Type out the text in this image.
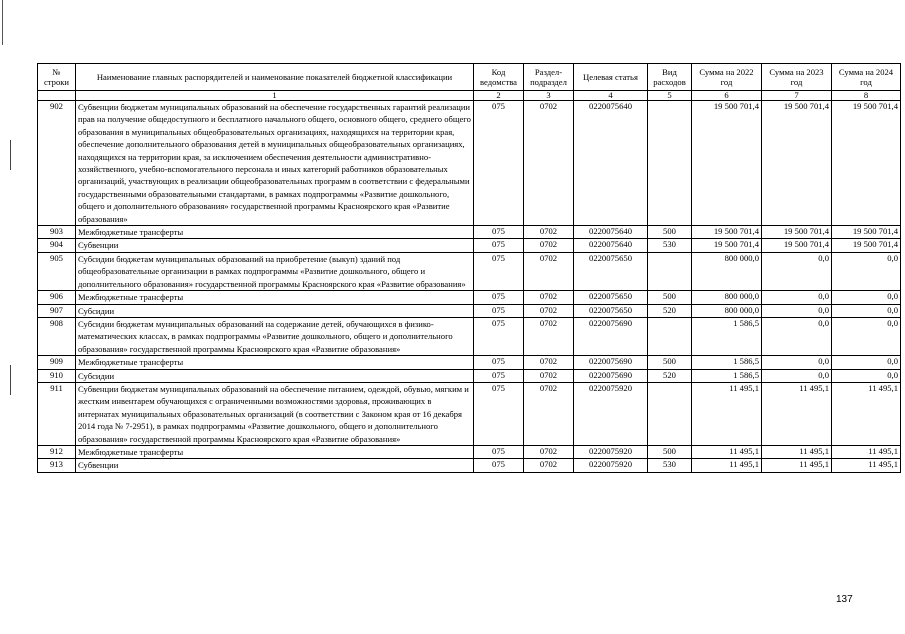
№ строки	Наименование главных распорядителей и наименование показателей бюджетной классификации	Код ведомства	Раздел-подраздел	Целевая статья	Вид расходов	Сумма на 2022 год	Сумма на 2023 год	Сумма на 2024 год
	1	2	3	4	5	6	7	8
902	Субвенции бюджетам муниципальных образований на обеспечение государственных гарантий реализации прав на получение общедоступного и бесплатного начального общего, основного общего, среднего общего образования в муниципальных общеобразовательных организациях, находящихся на территории края, обеспечение дополнительного образования детей в муниципальных общеобразовательных организациях, находящихся на территории края, за исключением обеспечения деятельности административно-хозяйственного, учебно-вспомогательного персонала и иных категорий работников образовательных организаций, участвующих в реализации общеобразовательных программ в соответствии с федеральными государственными образовательными стандартами, в рамках подпрограммы «Развитие дошкольного, общего и дополнительного образования» государственной программы Красноярского края «Развитие образования»	075	0702	0220075640		19 500 701,4	19 500 701,4	19 500 701,4
903	Межбюджетные трансферты	075	0702	0220075640	500	19 500 701,4	19 500 701,4	19 500 701,4
904	Субвенции	075	0702	0220075640	530	19 500 701,4	19 500 701,4	19 500 701,4
905	Субсидии бюджетам муниципальных образований на приобретение (выкуп) зданий под общеобразовательные организации в рамках подпрограммы «Развитие дошкольного, общего и дополнительного образования» государственной программы Красноярского края «Развитие образования»	075	0702	0220075650		800 000,0	0,0	0,0
906	Межбюджетные трансферты	075	0702	0220075650	500	800 000,0	0,0	0,0
907	Субсидии	075	0702	0220075650	520	800 000,0	0,0	0,0
908	Субсидии бюджетам муниципальных образований на содержание детей, обучающихся в физико-математических классах, в рамках подпрограммы «Развитие дошкольного, общего и дополнительного образования» государственной программы Красноярского края «Развитие образования»	075	0702	0220075690		1 586,5	0,0	0,0
909	Межбюджетные трансферты	075	0702	0220075690	500	1 586,5	0,0	0,0
910	Субсидии	075	0702	0220075690	520	1 586,5	0,0	0,0
911	Субвенции бюджетам муниципальных образований на обеспечение питанием, одеждой, обувью, мягким и жестким инвентарем обучающихся с ограниченными возможностями здоровья, проживающих в интернатах муниципальных образовательных организаций (в соответствии с Законом края от 16 декабря 2014 года № 7-2951), в рамках подпрограммы «Развитие дошкольного, общего и дополнительного образования» государственной программы Красноярского края «Развитие образования»	075	0702	0220075920		11 495,1	11 495,1	11 495,1
912	Межбюджетные трансферты	075	0702	0220075920	500	11 495,1	11 495,1	11 495,1
913	Субвенции	075	0702	0220075920	530	11 495,1	11 495,1	11 495,1
137
